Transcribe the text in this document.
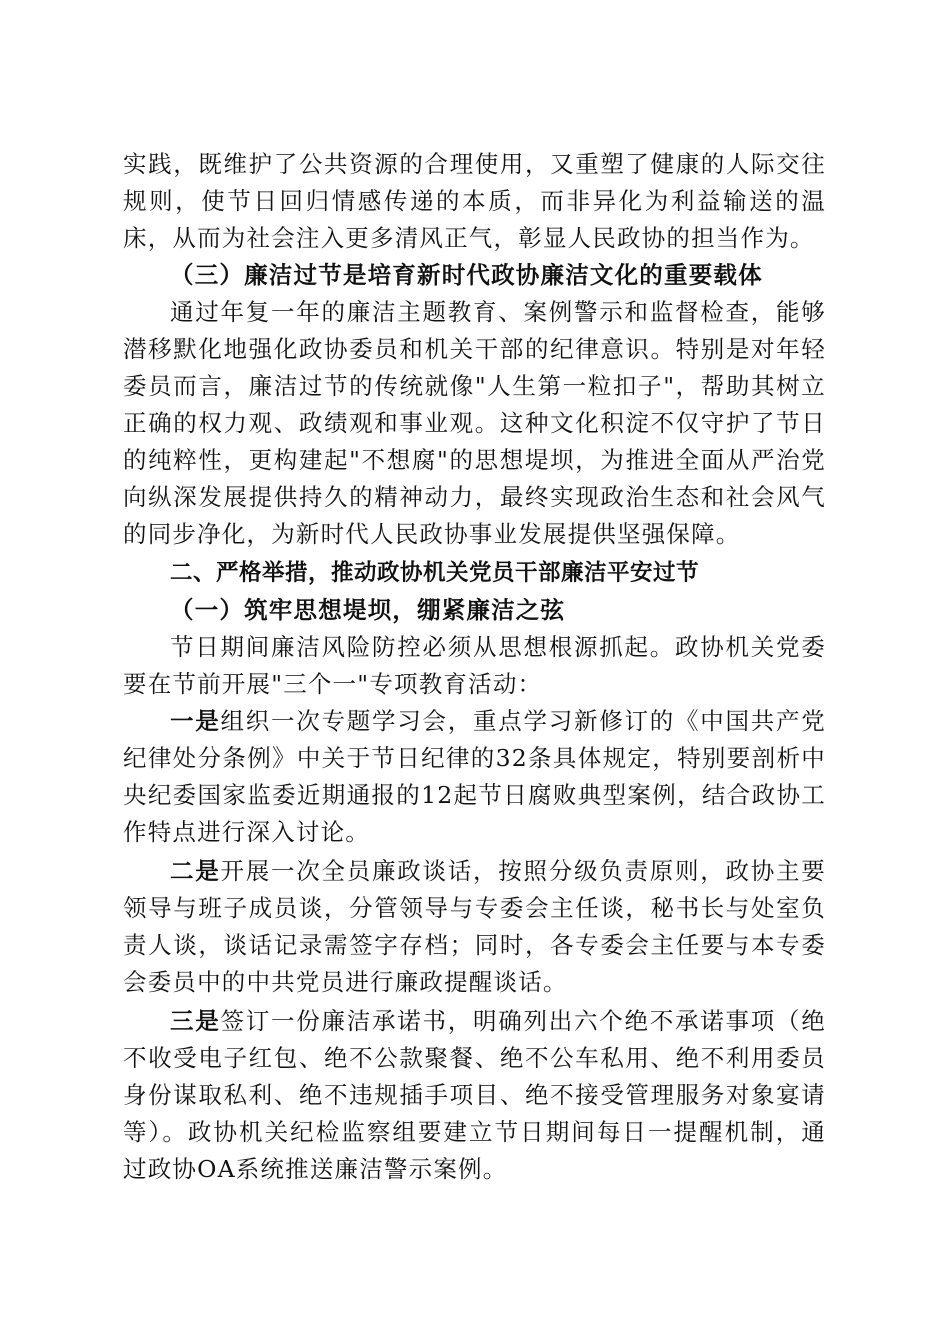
实践，既维护了公共资源的合理使用，又重塑了健康的人际交往规则，使节日回归情感传递的本质，而非异化为利益输送的温床，从而为社会注入更多清风正气，彰显人民政协的担当作为。

（三）廉洁过节是培育新时代政协廉洁文化的重要载体

通过年复一年的廉洁主题教育、案例警示和监督检查，能够潜移默化地强化政协委员和机关干部的纪律意识。特别是对年轻委员而言，廉洁过节的传统就像"人生第一粒扣子"，帮助其树立正确的权力观、政绩观和事业观。这种文化积淀不仅守护了节日的纯粹性，更构建起"不想腐"的思想堤坝，为推进全面从严治党向纵深发展提供持久的精神动力，最终实现政治生态和社会风气的同步净化，为新时代人民政协事业发展提供坚强保障。

二、严格举措，推动政协机关党员干部廉洁平安过节

（一）筑牢思想堤坝，绷紧廉洁之弦

节日期间廉洁风险防控必须从思想根源抓起。政协机关党委要在节前开展"三个一"专项教育活动：

一是组织一次专题学习会，重点学习新修订的《中国共产党纪律处分条例》中关于节日纪律的32条具体规定，特别要剖析中央纪委国家监委近期通报的12起节日腐败典型案例，结合政协工作特点进行深入讨论。

二是开展一次全员廉政谈话，按照分级负责原则，政协主要领导与班子成员谈，分管领导与专委会主任谈，秘书长与处室负责人谈，谈话记录需签字存档；同时，各专委会主任要与本专委会委员中的中共党员进行廉政提醒谈话。

三是签订一份廉洁承诺书，明确列出六个绝不承诺事项（绝不收受电子红包、绝不公款聚餐、绝不公车私用、绝不利用委员身份谋取私利、绝不违规插手项目、绝不接受管理服务对象宴请等）。政协机关纪检监察组要建立节日期间每日一提醒机制，通过政协OA系统推送廉洁警示案例。
